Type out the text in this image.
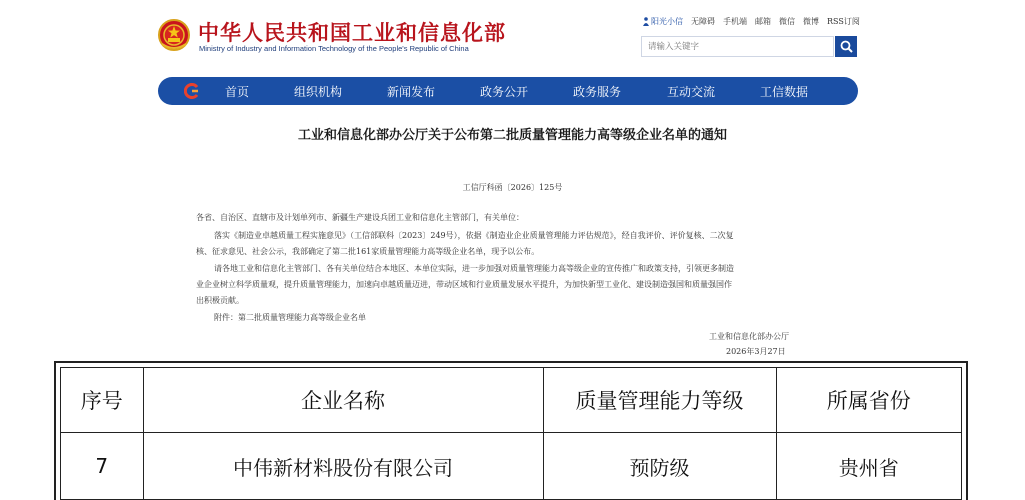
中华人民共和国工业和信息化部
Ministry of Industry and Information Technology of the People's Republic of China
阳光小信 无障碍 手机端 邮箱 微信 微博 RSS订阅
请输入关键字
首页	组织机构	新闻发布	政务公开	政务服务	互动交流	工信数据
工业和信息化部办公厅关于公布第二批质量管理能力高等级企业名单的通知
工信厅科函〔2026〕125号
各省、自治区、直辖市及计划单列市、新疆生产建设兵团工业和信息化主管部门，有关单位：
落实《制造业卓越质量工程实施意见》（工信部联科〔2023〕249号），依据《制造业企业质量管理能力评估规范》，经自我评价、评价复核、二次复
核、征求意见、社会公示，我部确定了第二批161家质量管理能力高等级企业名单，现予以公布。
请各地工业和信息化主管部门、各有关单位结合本地区、本单位实际，进一步加强对质量管理能力高等级企业的宣传推广和政策支持，引领更多制造
业企业树立科学质量观，提升质量管理能力，加速向卓越质量迈进，带动区域和行业质量发展水平提升，为加快新型工业化、建设制造强国和质量强国作
出积极贡献。
附件：第二批质量管理能力高等级企业名单
工业和信息化部办公厅
2026年3月27日
序号	企业名称	质量管理能力等级	所属省份
7	中伟新材料股份有限公司	预防级	贵州省
